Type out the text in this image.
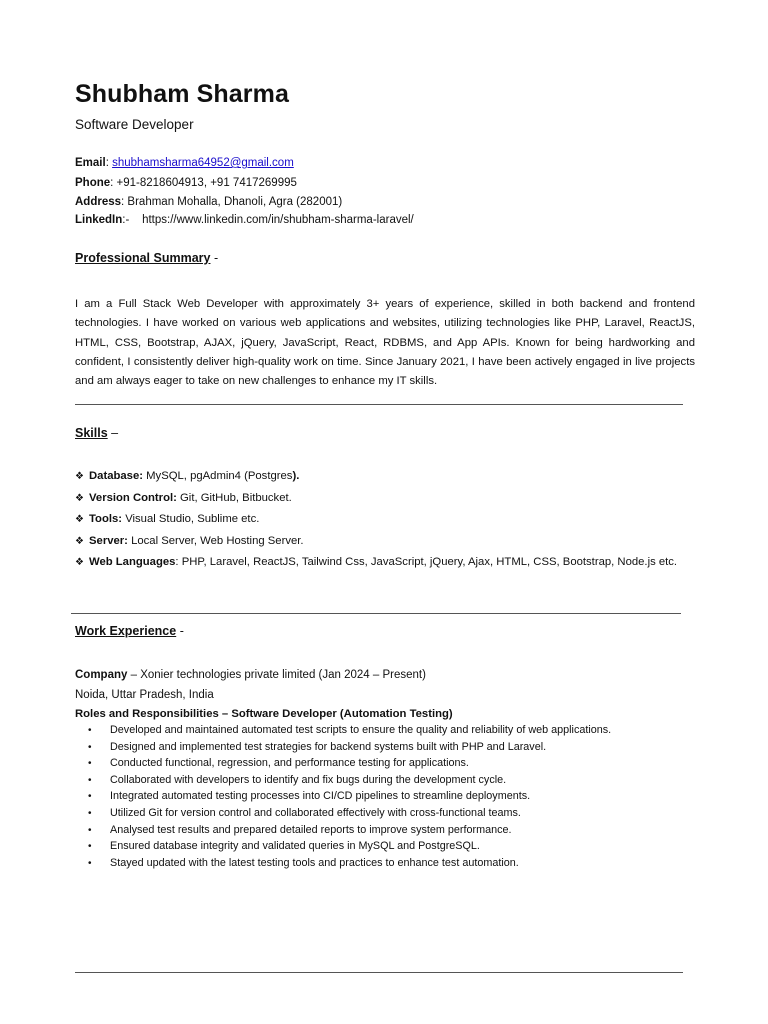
Shubham Sharma
Software Developer
Email: shubhamsharma64952@gmail.com
Phone: +91-8218604913, +91 7417269995
Address: Brahman Mohalla, Dhanoli, Agra (282001)
LinkedIn:- https://www.linkedin.com/in/shubham-sharma-laravel/
Professional Summary -

I am a Full Stack Web Developer with approximately 3+ years of experience, skilled in both backend and frontend technologies. I have worked on various web applications and websites, utilizing technologies like PHP, Laravel, ReactJS, HTML, CSS, Bootstrap, AJAX, jQuery, JavaScript, React, RDBMS, and App APIs. Known for being hardworking and confident, I consistently deliver high-quality work on time. Since January 2021, I have been actively engaged in live projects and am always eager to take on new challenges to enhance my IT skills.

Skills –
❖ Database: MySQL, pgAdmin4 (Postgres).
❖ Version Control: Git, GitHub, Bitbucket.
❖ Tools: Visual Studio, Sublime etc.
❖ Server: Local Server, Web Hosting Server.
❖ Web Languages: PHP, Laravel, ReactJS, Tailwind Css, JavaScript, jQuery, Ajax, HTML, CSS, Bootstrap, Node.js etc.
Work Experience -
Company – Xonier technologies private limited (Jan 2024 – Present)
Noida, Uttar Pradesh, India
Roles and Responsibilities – Software Developer (Automation Testing)
• Developed and maintained automated test scripts to ensure the quality and reliability of web applications.
• Designed and implemented test strategies for backend systems built with PHP and Laravel.
• Conducted functional, regression, and performance testing for applications.
• Collaborated with developers to identify and fix bugs during the development cycle.
• Integrated automated testing processes into CI/CD pipelines to streamline deployments.
• Utilized Git for version control and collaborated effectively with cross-functional teams.
• Analysed test results and prepared detailed reports to improve system performance.
• Ensured database integrity and validated queries in MySQL and PostgreSQL.
• Stayed updated with the latest testing tools and practices to enhance test automation.
